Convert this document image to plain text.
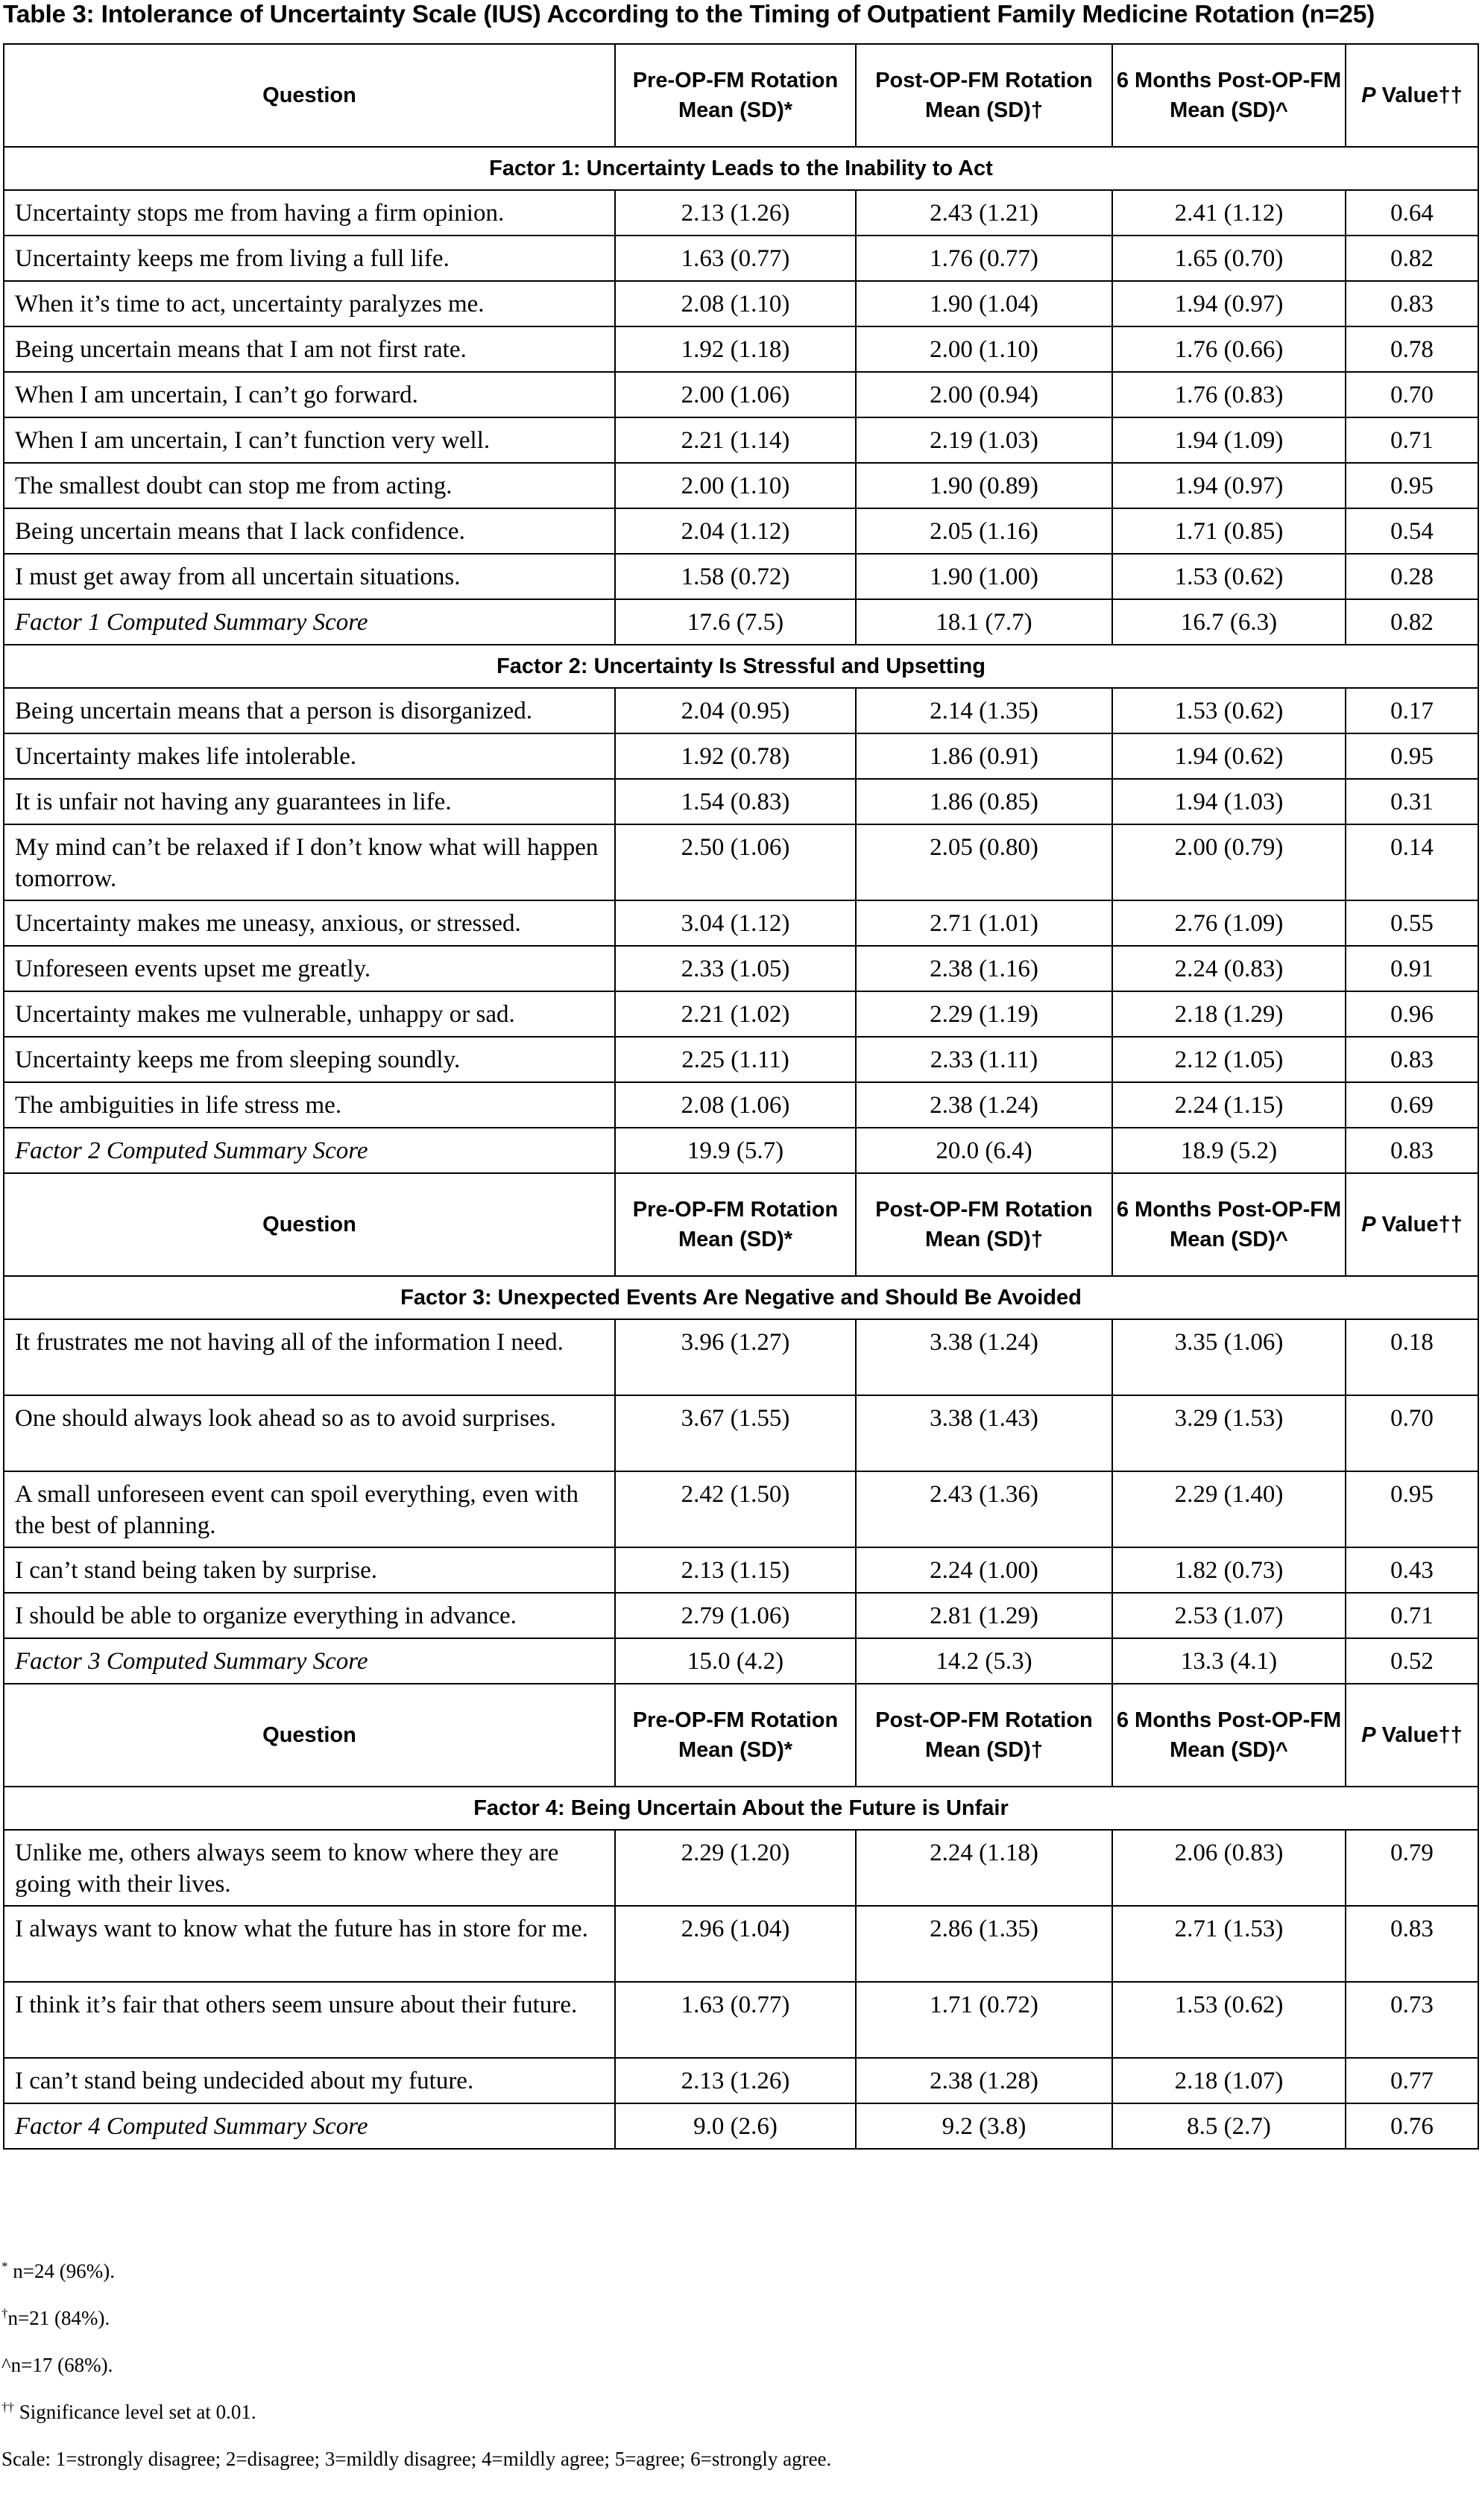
Table 3: Intolerance of Uncertainty Scale (IUS) According to the Timing of Outpatient Family Medicine Rotation (n=25)
Question	Pre-OP-FM Rotation Mean (SD)*	Post-OP-FM Rotation Mean (SD)†	6 Months Post-OP-FM Mean (SD)^	P Value††
Factor 1: Uncertainty Leads to the Inability to Act				
Uncertainty stops me from having a firm opinion.	2.13 (1.26)	2.43 (1.21)	2.41 (1.12)	0.64
Uncertainty keeps me from living a full life.	1.63 (0.77)	1.76 (0.77)	1.65 (0.70)	0.82
When it’s time to act, uncertainty paralyzes me.	2.08 (1.10)	1.90 (1.04)	1.94 (0.97)	0.83
Being uncertain means that I am not first rate.	1.92 (1.18)	2.00 (1.10)	1.76 (0.66)	0.78
When I am uncertain, I can’t go forward.	2.00 (1.06)	2.00 (0.94)	1.76 (0.83)	0.70
When I am uncertain, I can’t function very well.	2.21 (1.14)	2.19 (1.03)	1.94 (1.09)	0.71
The smallest doubt can stop me from acting.	2.00 (1.10)	1.90 (0.89)	1.94 (0.97)	0.95
Being uncertain means that I lack confidence.	2.04 (1.12)	2.05 (1.16)	1.71 (0.85)	0.54
I must get away from all uncertain situations.	1.58 (0.72)	1.90 (1.00)	1.53 (0.62)	0.28
Factor 1 Computed Summary Score	17.6 (7.5)	18.1 (7.7)	16.7 (6.3)	0.82
Factor 2: Uncertainty Is Stressful and Upsetting				
Being uncertain means that a person is disorganized.	2.04 (0.95)	2.14 (1.35)	1.53 (0.62)	0.17
Uncertainty makes life intolerable.	1.92 (0.78)	1.86 (0.91)	1.94 (0.62)	0.95
It is unfair not having any guarantees in life.	1.54 (0.83)	1.86 (0.85)	1.94 (1.03)	0.31
My mind can’t be relaxed if I don’t know what will happen tomorrow.	2.50 (1.06)	2.05 (0.80)	2.00 (0.79)	0.14
Uncertainty makes me uneasy, anxious, or stressed.	3.04 (1.12)	2.71 (1.01)	2.76 (1.09)	0.55
Unforeseen events upset me greatly.	2.33 (1.05)	2.38 (1.16)	2.24 (0.83)	0.91
Uncertainty makes me vulnerable, unhappy or sad.	2.21 (1.02)	2.29 (1.19)	2.18 (1.29)	0.96
Uncertainty keeps me from sleeping soundly.	2.25 (1.11)	2.33 (1.11)	2.12 (1.05)	0.83
The ambiguities in life stress me.	2.08 (1.06)	2.38 (1.24)	2.24 (1.15)	0.69
Factor 2 Computed Summary Score	19.9 (5.7)	20.0 (6.4)	18.9 (5.2)	0.83
Question	Pre-OP-FM Rotation Mean (SD)*	Post-OP-FM Rotation Mean (SD)†	6 Months Post-OP-FM Mean (SD)^	P Value††
Factor 3: Unexpected Events Are Negative and Should Be Avoided				
It frustrates me not having all of the information I need.	3.96 (1.27)	3.38 (1.24)	3.35 (1.06)	0.18
One should always look ahead so as to avoid surprises.	3.67 (1.55)	3.38 (1.43)	3.29 (1.53)	0.70
A small unforeseen event can spoil everything, even with the best of planning.	2.42 (1.50)	2.43 (1.36)	2.29 (1.40)	0.95
I can’t stand being taken by surprise.	2.13 (1.15)	2.24 (1.00)	1.82 (0.73)	0.43
I should be able to organize everything in advance.	2.79 (1.06)	2.81 (1.29)	2.53 (1.07)	0.71
Factor 3 Computed Summary Score	15.0 (4.2)	14.2 (5.3)	13.3 (4.1)	0.52
Question	Pre-OP-FM Rotation Mean (SD)*	Post-OP-FM Rotation Mean (SD)†	6 Months Post-OP-FM Mean (SD)^	P Value††
Factor 4: Being Uncertain About the Future is Unfair				
Unlike me, others always seem to know where they are going with their lives.	2.29 (1.20)	2.24 (1.18)	2.06 (0.83)	0.79
I always want to know what the future has in store for me.	2.96 (1.04)	2.86 (1.35)	2.71 (1.53)	0.83
I think it’s fair that others seem unsure about their future.	1.63 (0.77)	1.71 (0.72)	1.53 (0.62)	0.73
I can’t stand being undecided about my future.	2.13 (1.26)	2.38 (1.28)	2.18 (1.07)	0.77
Factor 4 Computed Summary Score	9.0 (2.6)	9.2 (3.8)	8.5 (2.7)	0.76
* n=24 (96%).
†n=21 (84%).
^n=17 (68%).
†† Significance level set at 0.01.
Scale: 1=strongly disagree; 2=disagree; 3=mildly disagree; 4=mildly agree; 5=agree; 6=strongly agree.
